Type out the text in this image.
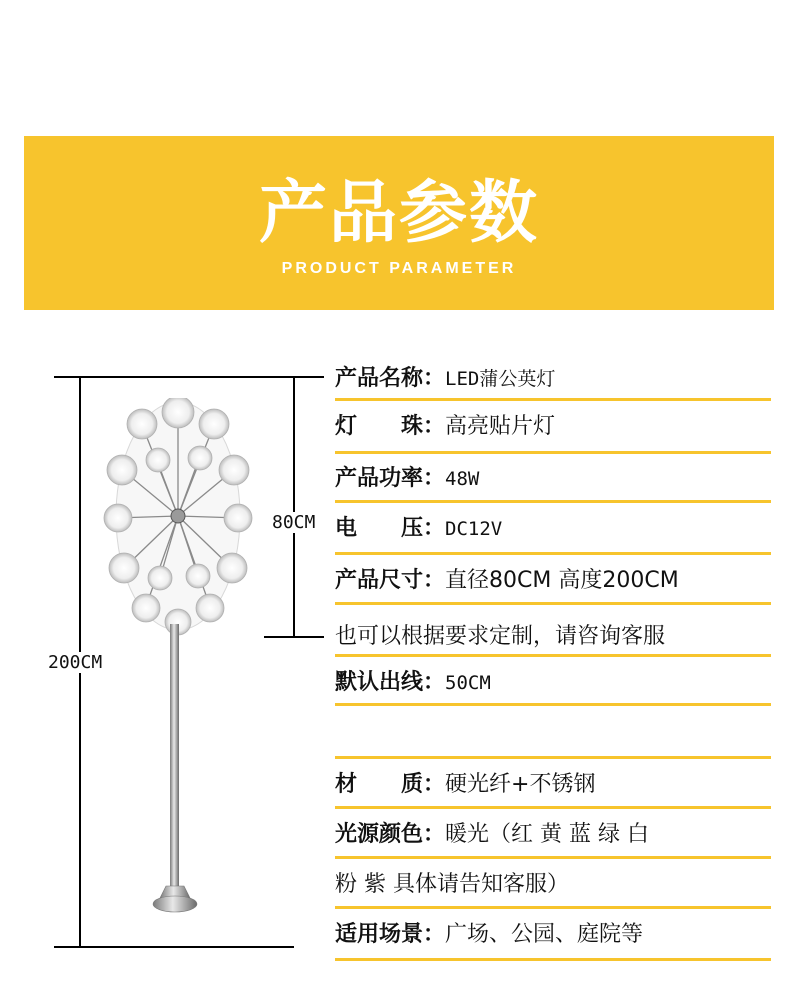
产品参数
PRODUCT PARAMETER
200CM
80CM
产品名称：LED蒲公英灯
灯　　珠：高亮贴片灯
产品功率：48W
电　　压：DC12V
产品尺寸：直径80CM 高度200CM
也可以根据要求定制，请咨询客服
默认出线：50CM
材　　质：硬光纤+不锈钢
光源颜色：暖光（红 黄 蓝 绿 白
粉 紫 具体请告知客服）
适用场景：广场、公园、庭院等
